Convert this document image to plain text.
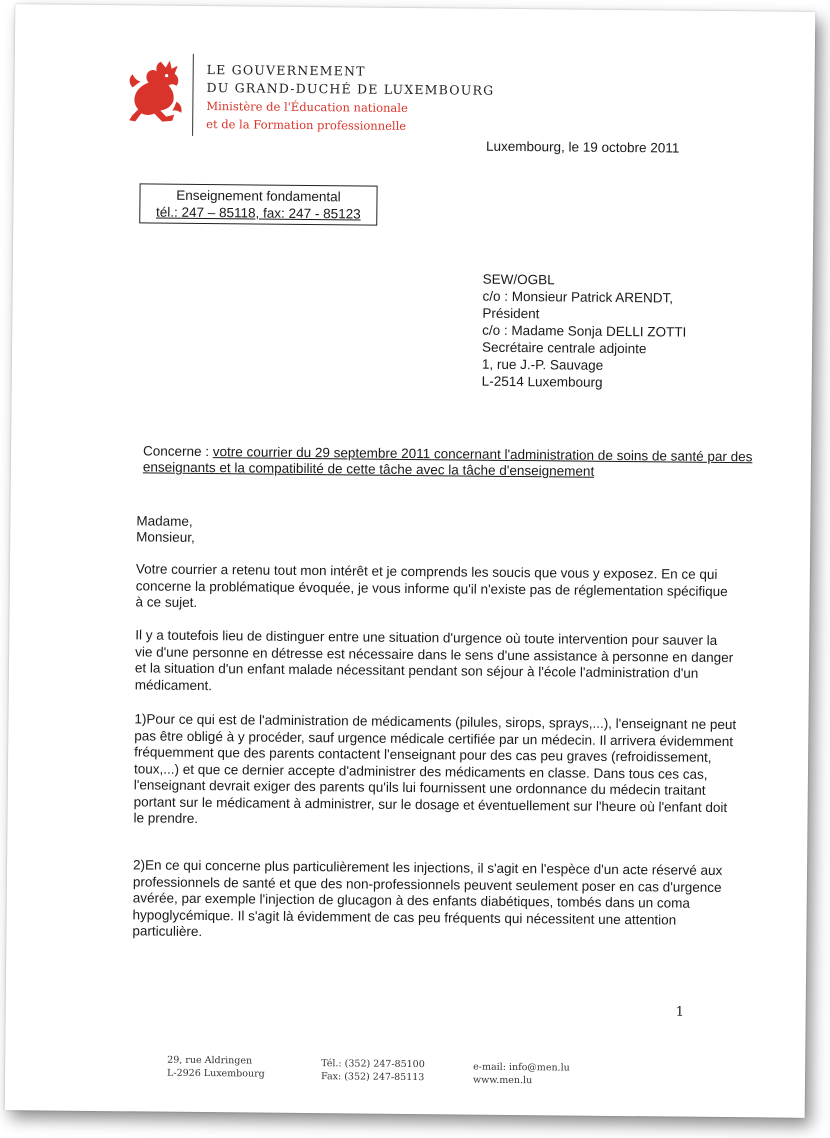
LE GOUVERNEMENT
DU GRAND-DUCHÉ DE LUXEMBOURG
Ministère de l'Éducation nationale
et de la Formation professionnelle
Luxembourg, le 19 octobre 2011
Enseignement fondamental
tél.: 247 – 85118, fax: 247 - 85123
SEW/OGBL
c/o : Monsieur Patrick ARENDT,
Président
c/o : Madame Sonja DELLI ZOTTI
Secrétaire centrale adjointe
1, rue J.-P. Sauvage
L-2514 Luxembourg
Concerne : votre courrier du 29 septembre 2011 concernant l'administration de soins de santé par des enseignants et la compatibilité de cette tâche avec la tâche d'enseignement
Madame,
Monsieur,
Votre courrier a retenu tout mon intérêt et je comprends les soucis que vous y exposez. En ce qui concerne la problématique évoquée, je vous informe qu'il n'existe pas de réglementation spécifique à ce sujet.
Il y a toutefois lieu de distinguer entre une situation d'urgence où toute intervention pour sauver la vie d'une personne en détresse est nécessaire dans le sens d'une assistance à personne en danger et la situation d'un enfant malade nécessitant pendant son séjour à l'école l'administration d'un médicament.
1)Pour ce qui est de l'administration de médicaments (pilules, sirops, sprays,...), l'enseignant ne peut pas être obligé à y procéder, sauf urgence médicale certifiée par un médecin. Il arrivera évidemment fréquemment que des parents contactent l'enseignant pour des cas peu graves (refroidissement, toux,...) et que ce dernier accepte d'administrer des médicaments en classe. Dans tous ces cas, l'enseignant devrait exiger des parents qu'ils lui fournissent une ordonnance du médecin traitant portant sur le médicament à administrer, sur le dosage et éventuellement sur l'heure où l'enfant doit le prendre.
2)En ce qui concerne plus particulièrement les injections, il s'agit en l'espèce d'un acte réservé aux professionnels de santé et que des non-professionnels peuvent seulement poser en cas d'urgence avérée, par exemple l'injection de glucagon à des enfants diabétiques, tombés dans un coma hypoglycémique. Il s'agit là évidemment de cas peu fréquents qui nécessitent une attention particulière.
1
29, rue Aldringen
L-2926 Luxembourg
Tél.: (352) 247-85100
Fax: (352) 247-85113
e-mail: info@men.lu
www.men.lu
